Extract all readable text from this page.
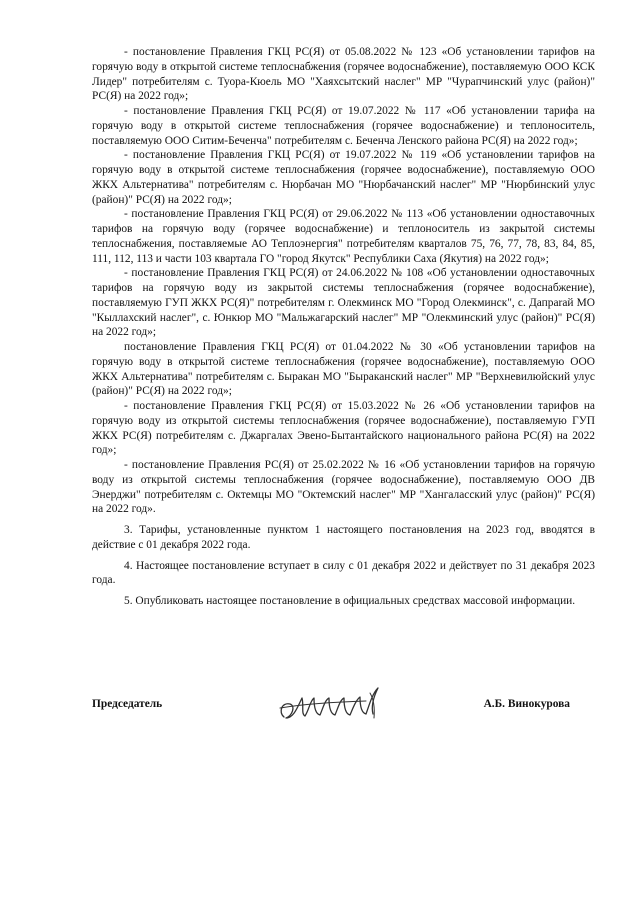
- постановление Правления ГКЦ РС(Я) от 05.08.2022 № 123 «Об установлении тарифов на горячую воду в открытой системе теплоснабжения (горячее водоснабжение), поставляемую ООО КСК Лидер" потребителям с. Туора-Кюель МО "Хаяхсытский наслег" МР "Чурапчинский улус (район)" РС(Я) на 2022 год»;

- постановление Правления ГКЦ РС(Я) от 19.07.2022 № 117 «Об установлении тарифа на горячую воду в открытой системе теплоснабжения (горячее водоснабжение) и теплоноситель, поставляемую ООО Ситим-Беченча" потребителям с. Беченча Ленского района РС(Я) на 2022 год»;

- постановление Правления ГКЦ РС(Я) от 19.07.2022 № 119 «Об установлении тарифов на горячую воду в открытой системе теплоснабжения (горячее водоснабжение), поставляемую ООО ЖКХ Альтернатива" потребителям с. Нюрбачан МО "Нюрбачанский наслег" МР "Нюрбинский улус (район)" РС(Я) на 2022 год»;

- постановление Правления ГКЦ РС(Я) от 29.06.2022 № 113 «Об установлении одноставочных тарифов на горячую воду (горячее водоснабжение) и теплоноситель из закрытой системы теплоснабжения, поставляемые АО Теплоэнергия" потребителям кварталов 75, 76, 77, 78, 83, 84, 85, 111, 112, 113 и части 103 квартала ГО "город Якутск" Республики Саха (Якутия) на 2022 год»;

- постановление Правления ГКЦ РС(Я) от 24.06.2022 № 108 «Об установлении одноставочных тарифов на горячую воду из закрытой системы теплоснабжения (горячее водоснабжение), поставляемую ГУП ЖКХ РС(Я)" потребителям г. Олекминск МО "Город Олекминск", с. Дапparай МО "Кыллахский наслег", с. Юнкюр МО "Мальжагарский наслег" МР "Олекминский улус (район)" РС(Я) на 2022 год»;

постановление Правления ГКЦ РС(Я) от 01.04.2022 № 30 «Об установлении тарифов на горячую воду в открытой системе теплоснабжения (горячее водоснабжение), поставляемую ООО ЖКХ Альтернатива" потребителям с. Быракан МО "Быраканский наслег" МР "Верхневилюйский улус (район)" РС(Я) на 2022 год»;

- постановление Правления ГКЦ РС(Я) от 15.03.2022 № 26 «Об установлении тарифов на горячую воду из открытой системы теплоснабжения (горячее водоснабжение), поставляемую ГУП ЖКХ РС(Я) потребителям с. Джаргалах Эвено-Бытантайского национального района РС(Я) на 2022 год»;

- постановление Правления РС(Я) от 25.02.2022 № 16 «Об установлении тарифов на горячую воду из открытой системы теплоснабжения (горячее водоснабжение), поставляемую ООО ДВ Энерджи" потребителям с. Октемцы МО "Октемский наслег" МР "Хангаласский улус (район)" РС(Я) на 2022 год».

3. Тарифы, установленные пунктом 1 настоящего постановления на 2023 год, вводятся в действие с 01 декабря 2022 года.

4. Настоящее постановление вступает в силу с 01 декабря 2022 и действует по 31 декабря 2023 года.

5. Опубликовать настоящее постановление в официальных средствах массовой информации.

Председатель	А.Б. Винокурова
